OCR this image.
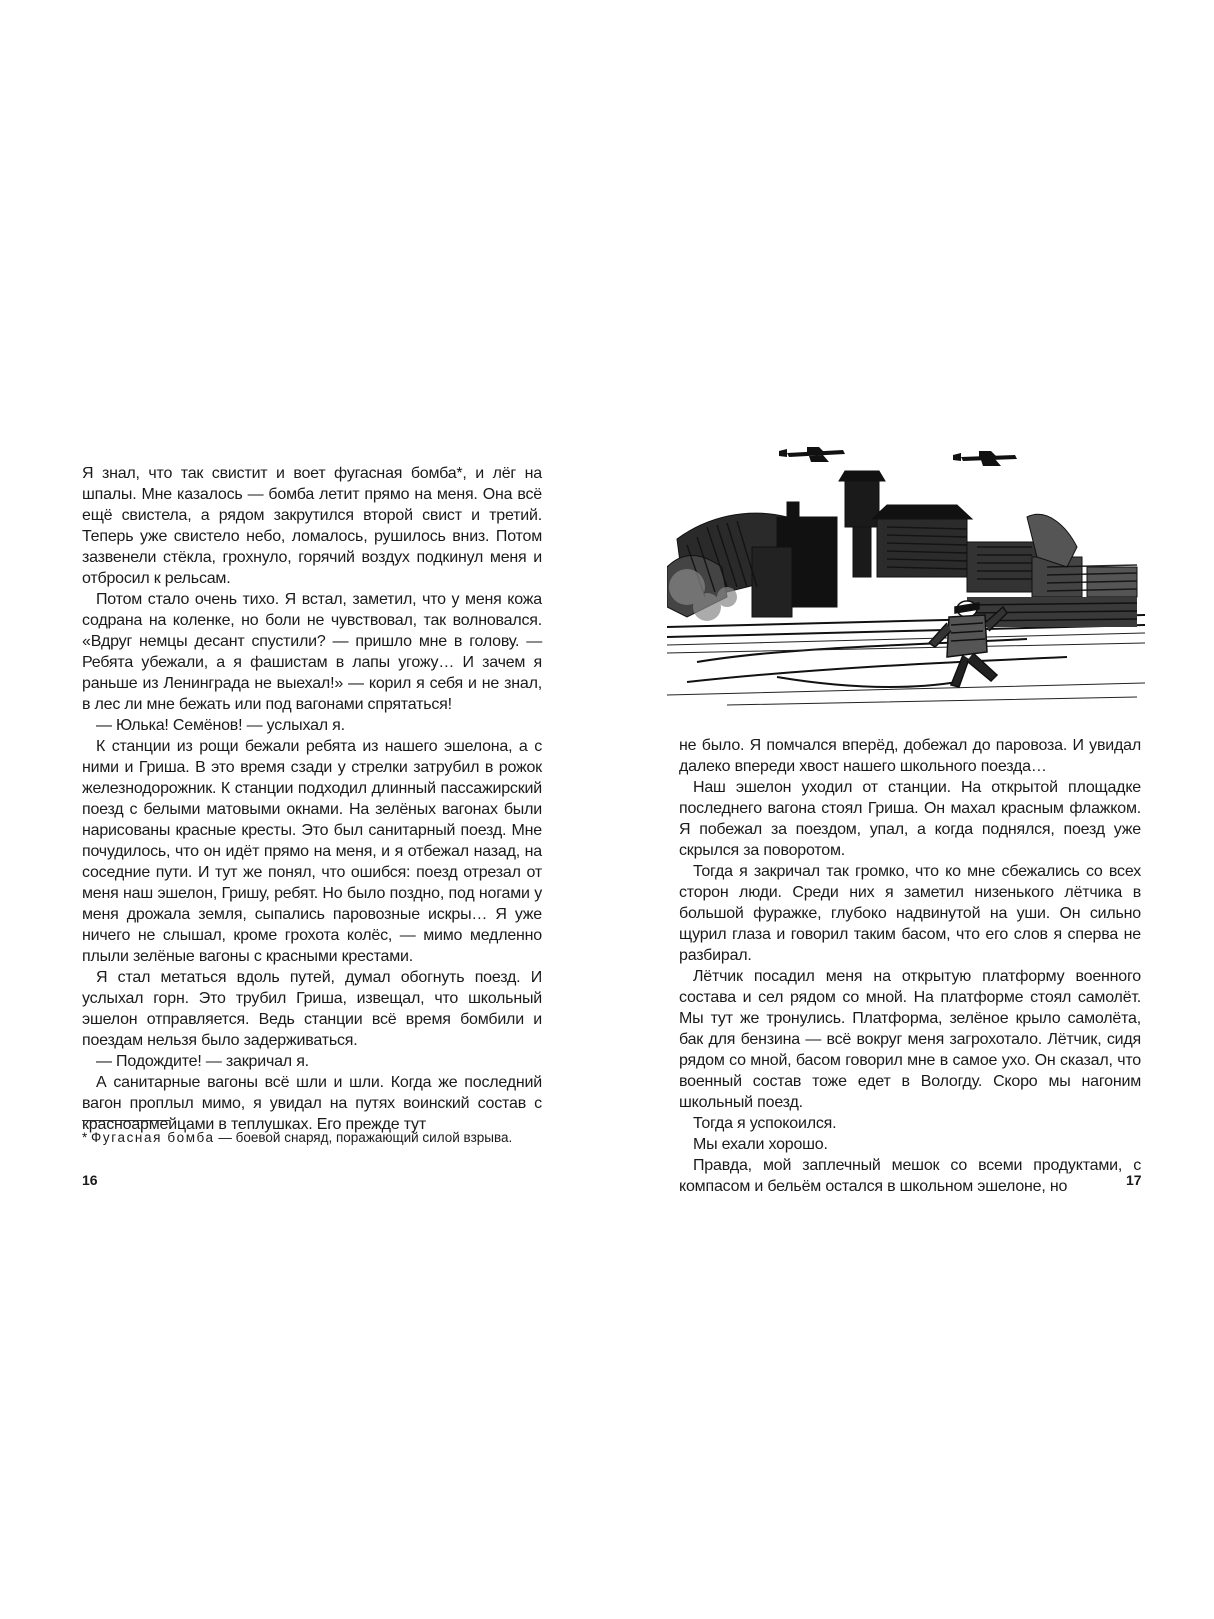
Я знал, что так свистит и воет фугасная бомба*, и лёг на шпалы. Мне казалось — бомба летит прямо на меня. Она всё ещё свистела, а рядом закрутился второй свист и третий. Теперь уже свистело небо, ломалось, рушилось вниз. Потом зазвенели стёкла, грохнуло, горячий воздух подкинул меня и отбросил к рельсам.

Потом стало очень тихо. Я встал, заметил, что у меня кожа содрана на коленке, но боли не чувствовал, так волновался. «Вдруг немцы десант спустили? — пришло мне в голову. — Ребята убежали, а я фашистам в лапы угожу… И зачем я раньше из Ленинграда не выехал!» — корил я себя и не знал, в лес ли мне бежать или под вагонами спрятаться!

— Юлька! Семёнов! — услыхал я.

К станции из рощи бежали ребята из нашего эшелона, а с ними и Гриша. В это время сзади у стрелки затрубил в рожок железнодорожник. К станции подходил длинный пассажирский поезд с белыми матовыми окнами. На зелёных вагонах были нарисованы красные кресты. Это был санитарный поезд. Мне почудилось, что он идёт прямо на меня, и я отбежал назад, на соседние пути. И тут же понял, что ошибся: поезд отрезал от меня наш эшелон, Гришу, ребят. Но было поздно, под ногами у меня дрожала земля, сыпались паровозные искры… Я уже ничего не слышал, кроме грохота колёс, — мимо медленно плыли зелёные вагоны с красными крестами.

Я стал метаться вдоль путей, думал обогнуть поезд. И услыхал горн. Это трубил Гриша, извещал, что школьный эшелон отправляется. Ведь станции всё время бомбили и поездам нельзя было задерживаться.

— Подождите! — закричал я.

А санитарные вагоны всё шли и шли. Когда же последний вагон проплыл мимо, я увидал на путях воинский состав с красноармейцами в теплушках. Его прежде тут

* Фугасная бомба — боевой снаряд, поражающий силой взрыва.
16

не было. Я помчался вперёд, добежал до паровоза. И увидал далеко впереди хвост нашего школьного поезда…

Наш эшелон уходил от станции. На открытой площадке последнего вагона стоял Гриша. Он махал красным флажком. Я побежал за поездом, упал, а когда поднялся, поезд уже скрылся за поворотом.

Тогда я закричал так громко, что ко мне сбежались со всех сторон люди. Среди них я заметил низенького лётчика в большой фуражке, глубоко надвинутой на уши. Он сильно щурил глаза и говорил таким басом, что его слов я сперва не разбирал.

Лётчик посадил меня на открытую платформу военного состава и сел рядом со мной. На платформе стоял самолёт. Мы тут же тронулись. Платформа, зелёное крыло самолёта, бак для бензина — всё вокруг меня загрохотало. Лётчик, сидя рядом со мной, басом говорил мне в самое ухо. Он сказал, что военный состав тоже едет в Вологду. Скоро мы нагоним школьный поезд.

Тогда я успокоился.

Мы ехали хорошо.

Правда, мой заплечный мешок со всеми продуктами, с компасом и бельём остался в школьном эшелоне, но	17
